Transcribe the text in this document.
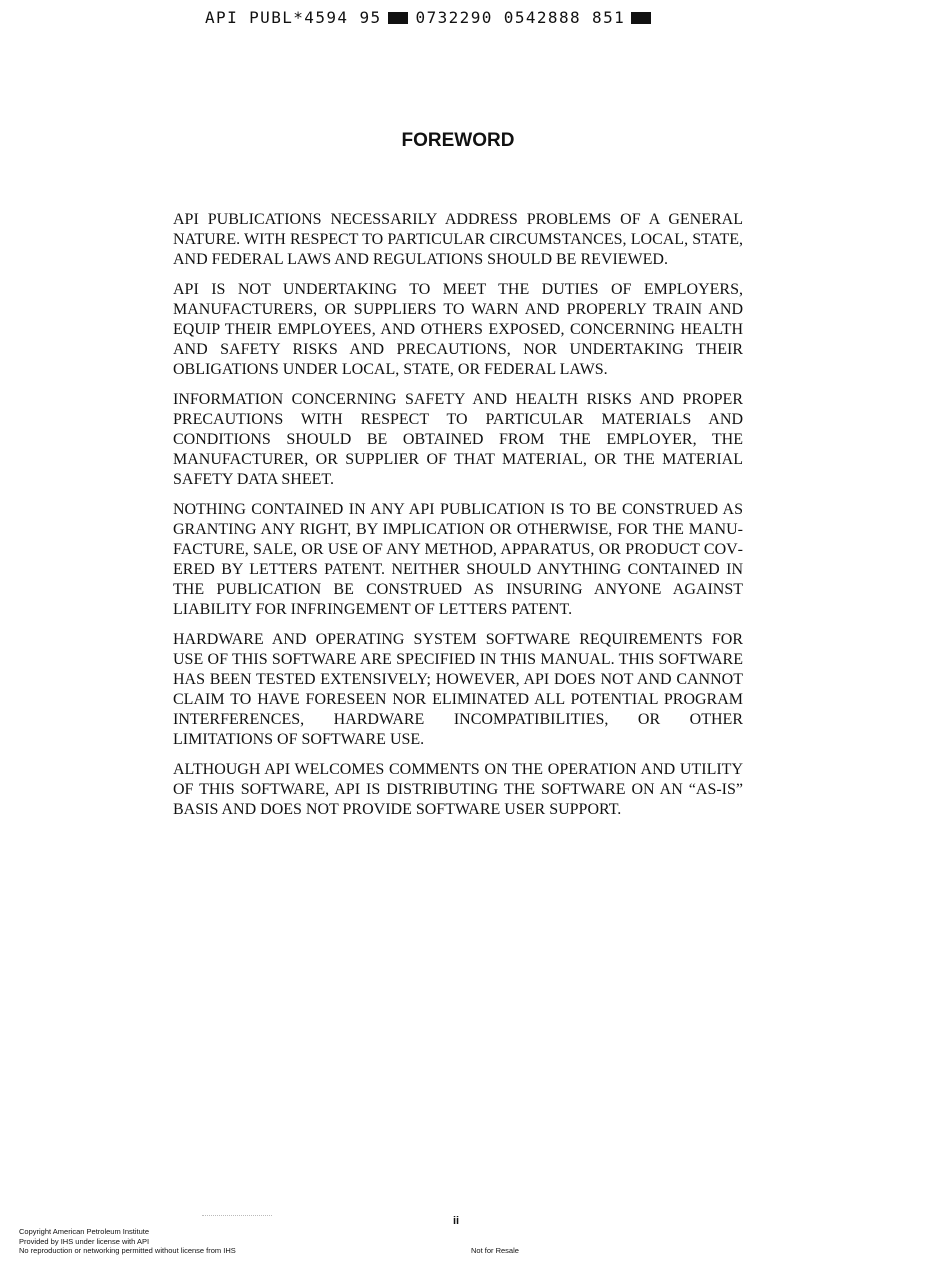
API PUBL*4594 95 0732290 0542888 851
FOREWORD

API PUBLICATIONS NECESSARILY ADDRESS PROBLEMS OF A GENERAL NATURE. WITH RESPECT TO PARTICULAR CIRCUMSTANCES, LOCAL, STATE, AND FEDERAL LAWS AND REGULATIONS SHOULD BE REVIEWED.

API IS NOT UNDERTAKING TO MEET THE DUTIES OF EMPLOYERS, MANUFACTURERS, OR SUPPLIERS TO WARN AND PROPERLY TRAIN AND EQUIP THEIR EMPLOYEES, AND OTHERS EXPOSED, CONCERNING HEALTH AND SAFETY RISKS AND PRECAUTIONS, NOR UNDERTAKING THEIR OBLIGATIONS UNDER LOCAL, STATE, OR FEDERAL LAWS.

INFORMATION CONCERNING SAFETY AND HEALTH RISKS AND PROPER PRECAUTIONS WITH RESPECT TO PARTICULAR MATERIALS AND CONDITIONS SHOULD BE OBTAINED FROM THE EMPLOYER, THE MANUFACTURER, OR SUPPLIER OF THAT MATERIAL, OR THE MATERIAL SAFETY DATA SHEET.

NOTHING CONTAINED IN ANY API PUBLICATION IS TO BE CONSTRUED AS GRANTING ANY RIGHT, BY IMPLICATION OR OTHERWISE, FOR THE MANUFACTURE, SALE, OR USE OF ANY METHOD, APPARATUS, OR PRODUCT COVERED BY LETTERS PATENT. NEITHER SHOULD ANYTHING CONTAINED IN THE PUBLICATION BE CONSTRUED AS INSURING ANYONE AGAINST LIABILITY FOR INFRINGEMENT OF LETTERS PATENT.

HARDWARE AND OPERATING SYSTEM SOFTWARE REQUIREMENTS FOR USE OF THIS SOFTWARE ARE SPECIFIED IN THIS MANUAL. THIS SOFTWARE HAS BEEN TESTED EXTENSIVELY; HOWEVER, API DOES NOT AND CANNOT CLAIM TO HAVE FORESEEN NOR ELIMINATED ALL POTENTIAL PROGRAM INTERFERENCES, HARDWARE INCOMPATIBILITIES, OR OTHER LIMITATIONS OF SOFTWARE USE.

ALTHOUGH API WELCOMES COMMENTS ON THE OPERATION AND UTILITY OF THIS SOFTWARE, API IS DISTRIBUTING THE SOFTWARE ON AN “AS-IS” BASIS AND DOES NOT PROVIDE SOFTWARE USER SUPPORT.

ii
Copyright American Petroleum Institute
Provided by IHS under license with API
No reproduction or networking permitted without license from IHS	Not for Resale
